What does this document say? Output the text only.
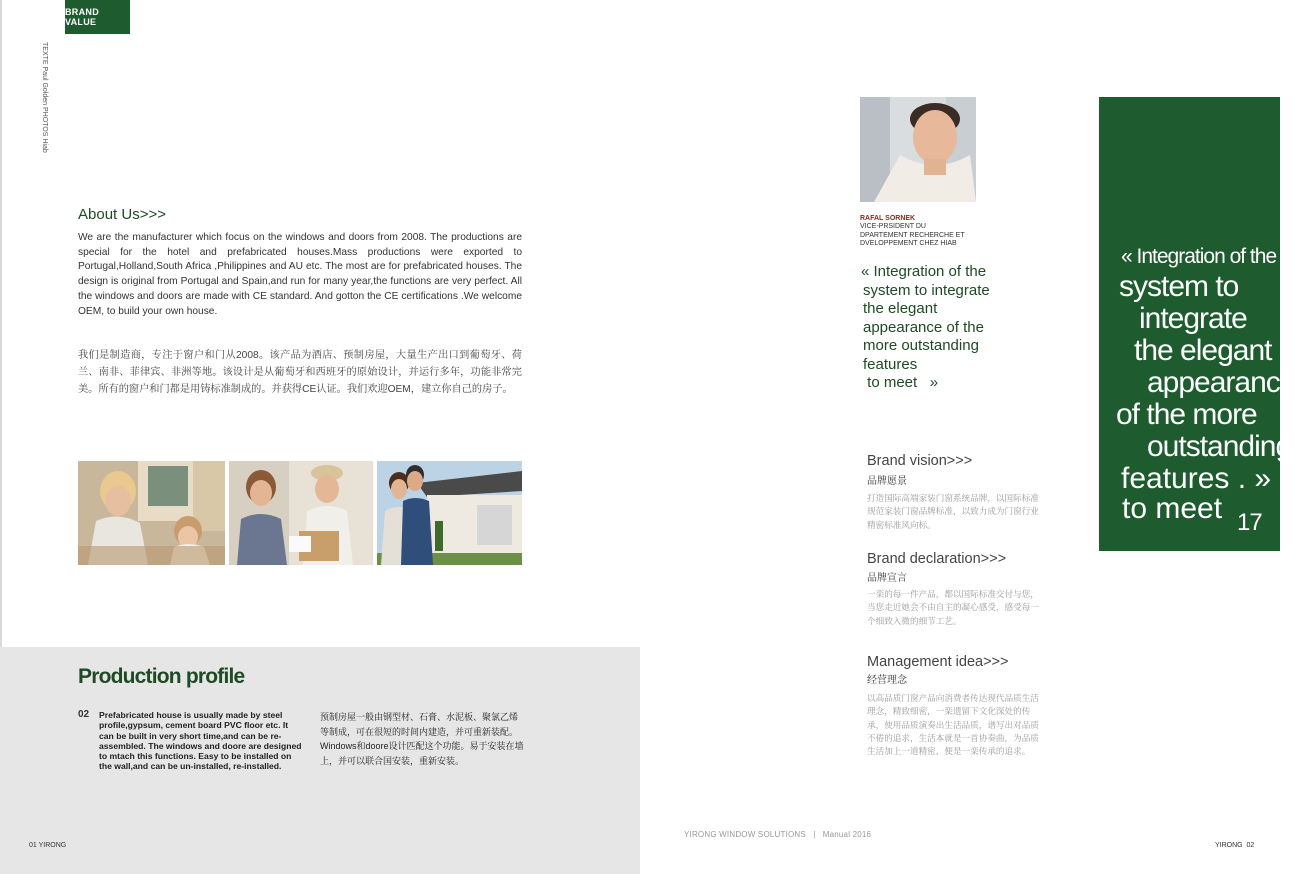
BRAND VALUE
TEXTE Paul Golden PHOTOS Hiab
About Us>>>

We are the manufacturer which focus on the windows and doors from 2008. The productions are special for the hotel and prefabricated houses.Mass productions were exported to Portugal,Holland,South Africa ,Philippines and AU etc. The most are for prefabricated houses. The design is original from Portugal and Spain,and run for many year,the functions are very perfect. All the windows and doors are made with CE standard. And gotton the CE certifications .We welcome OEM, to build your own house.

我们是制造商，专注于窗户和门从2008。该产品为酒店、预制房屋，大量生产出口到葡萄牙、荷兰、南非、菲律宾、非洲等地。该设计是从葡萄牙和西班牙的原始设计，并运行多年，功能非常完美。所有的窗户和门都是用铸标准制成的。并获得CE认证。我们欢迎OEM，建立你自己的房子。

Production profile
02 Prefabricated house is usually made by steel profile,gypsum, cement board PVC floor etc. It can be built in very short time,and can be re-assembled. The windows and doore are designed to mtach this functions. Easy to be installed on the wall,and can be un-installed, re-installed.

预制房屋一般由钢型材、石膏、水泥板、聚氯乙烯等制成，可在很短的时间内建造，并可重新装配。Windows和doore设计匹配这个功能。易于安装在墙上，并可以联合国安装，重新安装。

01 YIRONG
RAFAL SORNEK
VICE-PRSIDENT DU
DPARTEMENT RECHERCHE ET
DVELOPPEMENT CHEZ HIAB
« Integration of the
system to integrate
the elegant
appearance of the
more outstanding
features
to meet   »
Brand vision>>>
品牌愿景

打造国际高端家装门窗系统品牌，以国际标准规范家装门窗品牌标准，以致力成为门窗行业精密标准风向标。

Brand declaration>>>
品牌宣言

一栾的每一件产品，都以国际标准交付与您，当您走近她会不由自主的凝心感受，感受每一个细致入微的细节工艺。

Management idea>>>
经营理念

以高品质门窗产品向消费者传达现代品质生活理念，精致细密，一栾遗留下文化深处的传承，使用品质演奏出生活品质，谱写出对品质不倦的追求，生活本就是一首协奏曲，为品质生活加上一道精密，便是一栾传承的追求。

« Integration of the
system to
integrate
the elegant
appearance
of the more
outstanding
features . »
to meet 17
YIRONG WINDOW SOLUTIONS   |   Manual 2016
YIRONG  02
